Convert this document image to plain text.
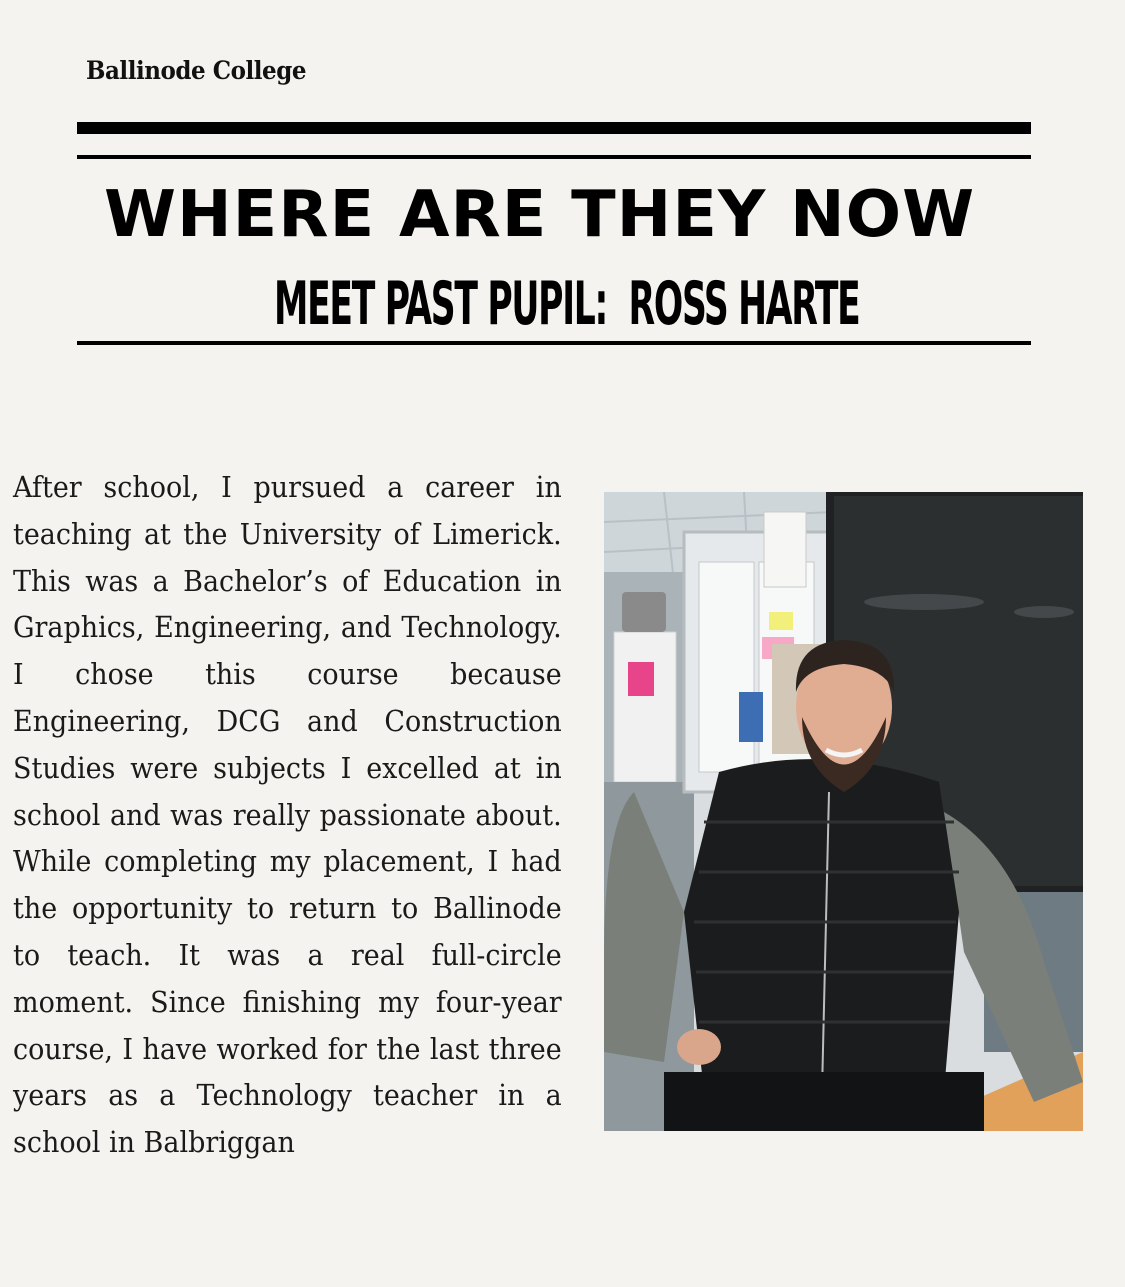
Ballinode College
WHERE ARE THEY NOW
MEET PAST PUPIL:  ROSS HARTE

After school, I pursued a career in teaching at the University of Limerick. This was a Bachelor’s of Education in Graphics, Engineering, and Technology. I chose this course because Engineering, DCG and Construction Studies were subjects I excelled at in school and was really passionate about. While completing my placement, I had the opportunity to return to Ballinode to teach. It was a real full-circle moment. Since finishing my four-year course, I have worked for the last three years as a Technology teacher in a school in Balbriggan
